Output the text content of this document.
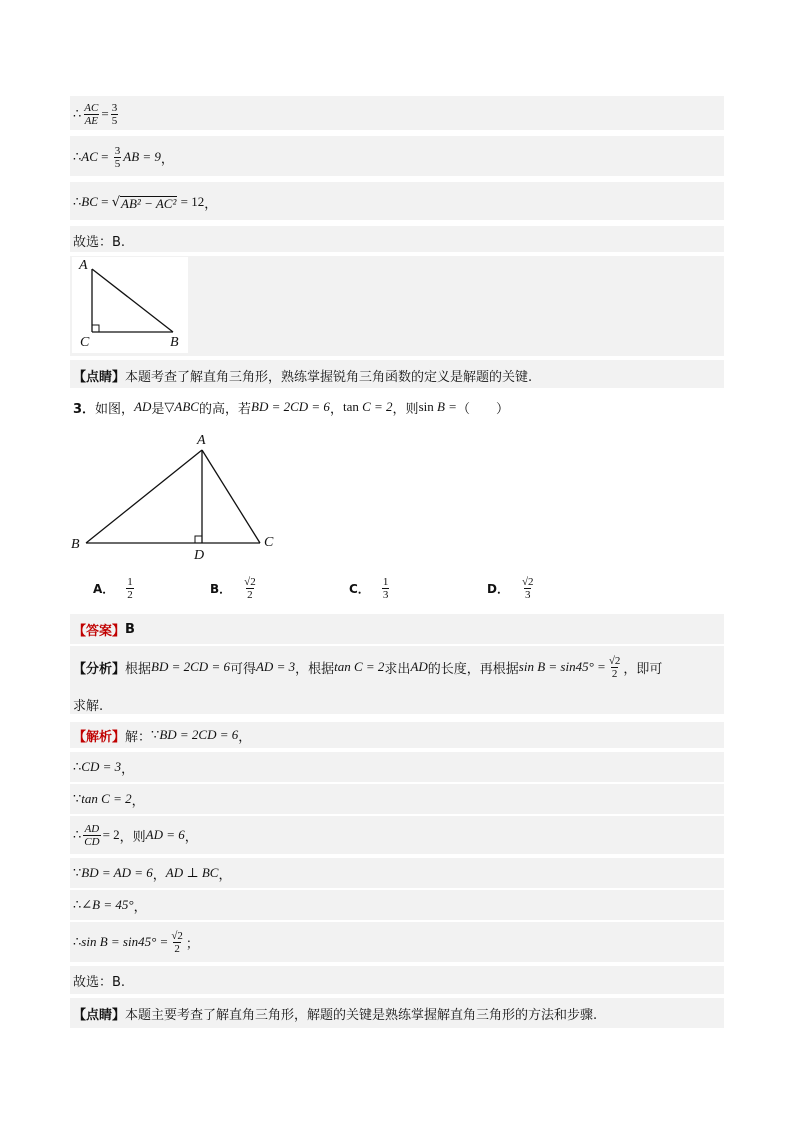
∴ $\frac{AC}{AE} = \frac{3}{5}$
∴ AC = $\frac{3}{5}$ AB = 9 ，
∴ BC = √ AB² − AC² = 12 ，
故选：B.
A
C	B
【点睛】 本题考查了解直角三角形，熟练掌握锐角三角函数的定义是解题的关键.
3． 如图， AD 是 ▽ABC 的高，若 BD = 2CD = 6 ， tan C = 2 ，则 sin B = （　　）
A
B	C
D
A． $\frac{1}{2}$	B． $\frac{√2}{2}$	C． $\frac{1}{3}$	D． $\frac{√2}{3}$
【答案】 B
【分析】 根据 BD = 2CD = 6 可得 AD = 3 ，根据 tan C = 2 求出 AD 的长度，再根据 $\sin B = \sin 45^\circ = \frac{√2}{2}$ ，即可
求解.
【解析】 解： ∵ BD = 2CD = 6 ，
∴ CD = 3 ，
∵ tan C = 2 ，
∴ $\frac{AD}{CD} = 2$ ，则 AD = 6 ，
∵ BD = AD = 6 ， AD ⊥ BC ，
∴ ∠B = 45° ，
∴ $\sin B = \sin 45^\circ = \frac{√2}{2}$ ；
故选：B.
【点睛】 本题主要考查了解直角三角形，解题的关键是熟练掌握解直角三角形的方法和步骤.
